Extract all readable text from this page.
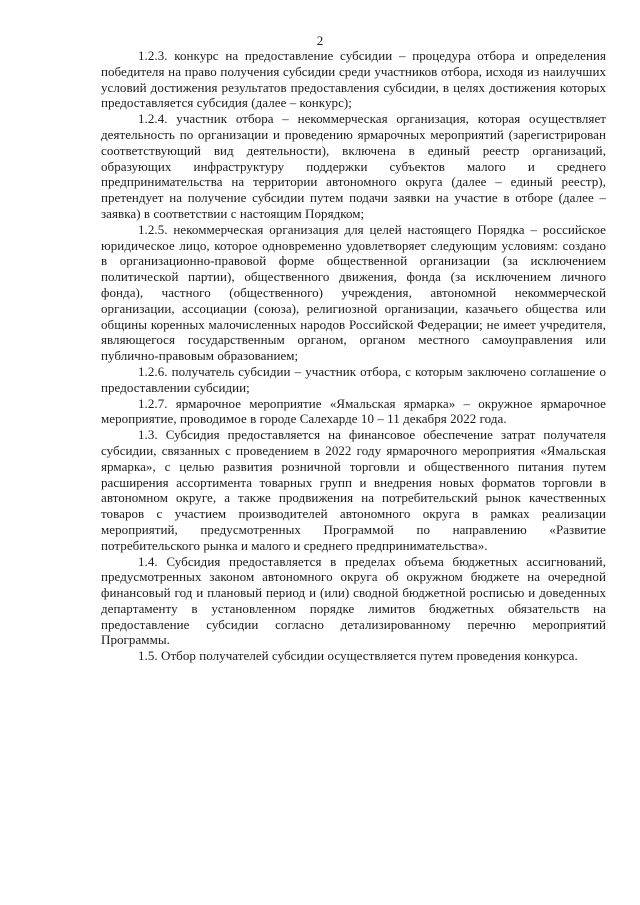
2

1.2.3. конкурс на предоставление субсидии – процедура отбора и определения победителя на право получения субсидии среди участников отбора, исходя из наилучших условий достижения результатов предоставления субсидии, в целях достижения которых предоставляется субсидия (далее – конкурс);

1.2.4. участник отбора – некоммерческая организация, которая осуществляет деятельность по организации и проведению ярмарочных мероприятий (зарегистрирован соответствующий вид деятельности), включена в единый реестр организаций, образующих инфраструктуру поддержки субъектов малого и среднего предпринимательства на территории автономного округа (далее – единый реестр), претендует на получение субсидии путем подачи заявки на участие в отборе (далее – заявка) в соответствии с настоящим Порядком;

1.2.5. некоммерческая организация для целей настоящего Порядка – российское юридическое лицо, которое одновременно удовлетворяет следующим условиям: создано в организационно-правовой форме общественной организации (за исключением политической партии), общественного движения, фонда (за исключением личного фонда), частного (общественного) учреждения, автономной некоммерческой организации, ассоциации (союза), религиозной организации, казачьего общества или общины коренных малочисленных народов Российской Федерации; не имеет учредителя, являющегося государственным органом, органом местного самоуправления или публично-правовым образованием;

1.2.6. получатель субсидии – участник отбора, с которым заключено соглашение о предоставлении субсидии;

1.2.7. ярмарочное мероприятие «Ямальская ярмарка» – окружное ярмарочное мероприятие, проводимое в городе Салехарде 10 – 11 декабря 2022 года.

1.3. Субсидия предоставляется на финансовое обеспечение затрат получателя субсидии, связанных с проведением в 2022 году ярмарочного мероприятия «Ямальская ярмарка», с целью развития розничной торговли и общественного питания путем расширения ассортимента товарных групп и внедрения новых форматов торговли в автономном округе, а также продвижения на потребительский рынок качественных товаров с участием производителей автономного округа в рамках реализации мероприятий, предусмотренных Программой по направлению «Развитие потребительского рынка и малого и среднего предпринимательства».

1.4. Субсидия предоставляется в пределах объема бюджетных ассигнований, предусмотренных законом автономного округа об окружном бюджете на очередной финансовый год и плановый период и (или) сводной бюджетной росписью и доведенных департаменту в установленном порядке лимитов бюджетных обязательств на предоставление субсидии согласно детализированному перечню мероприятий Программы.

1.5. Отбор получателей субсидии осуществляется путем проведения конкурса.
